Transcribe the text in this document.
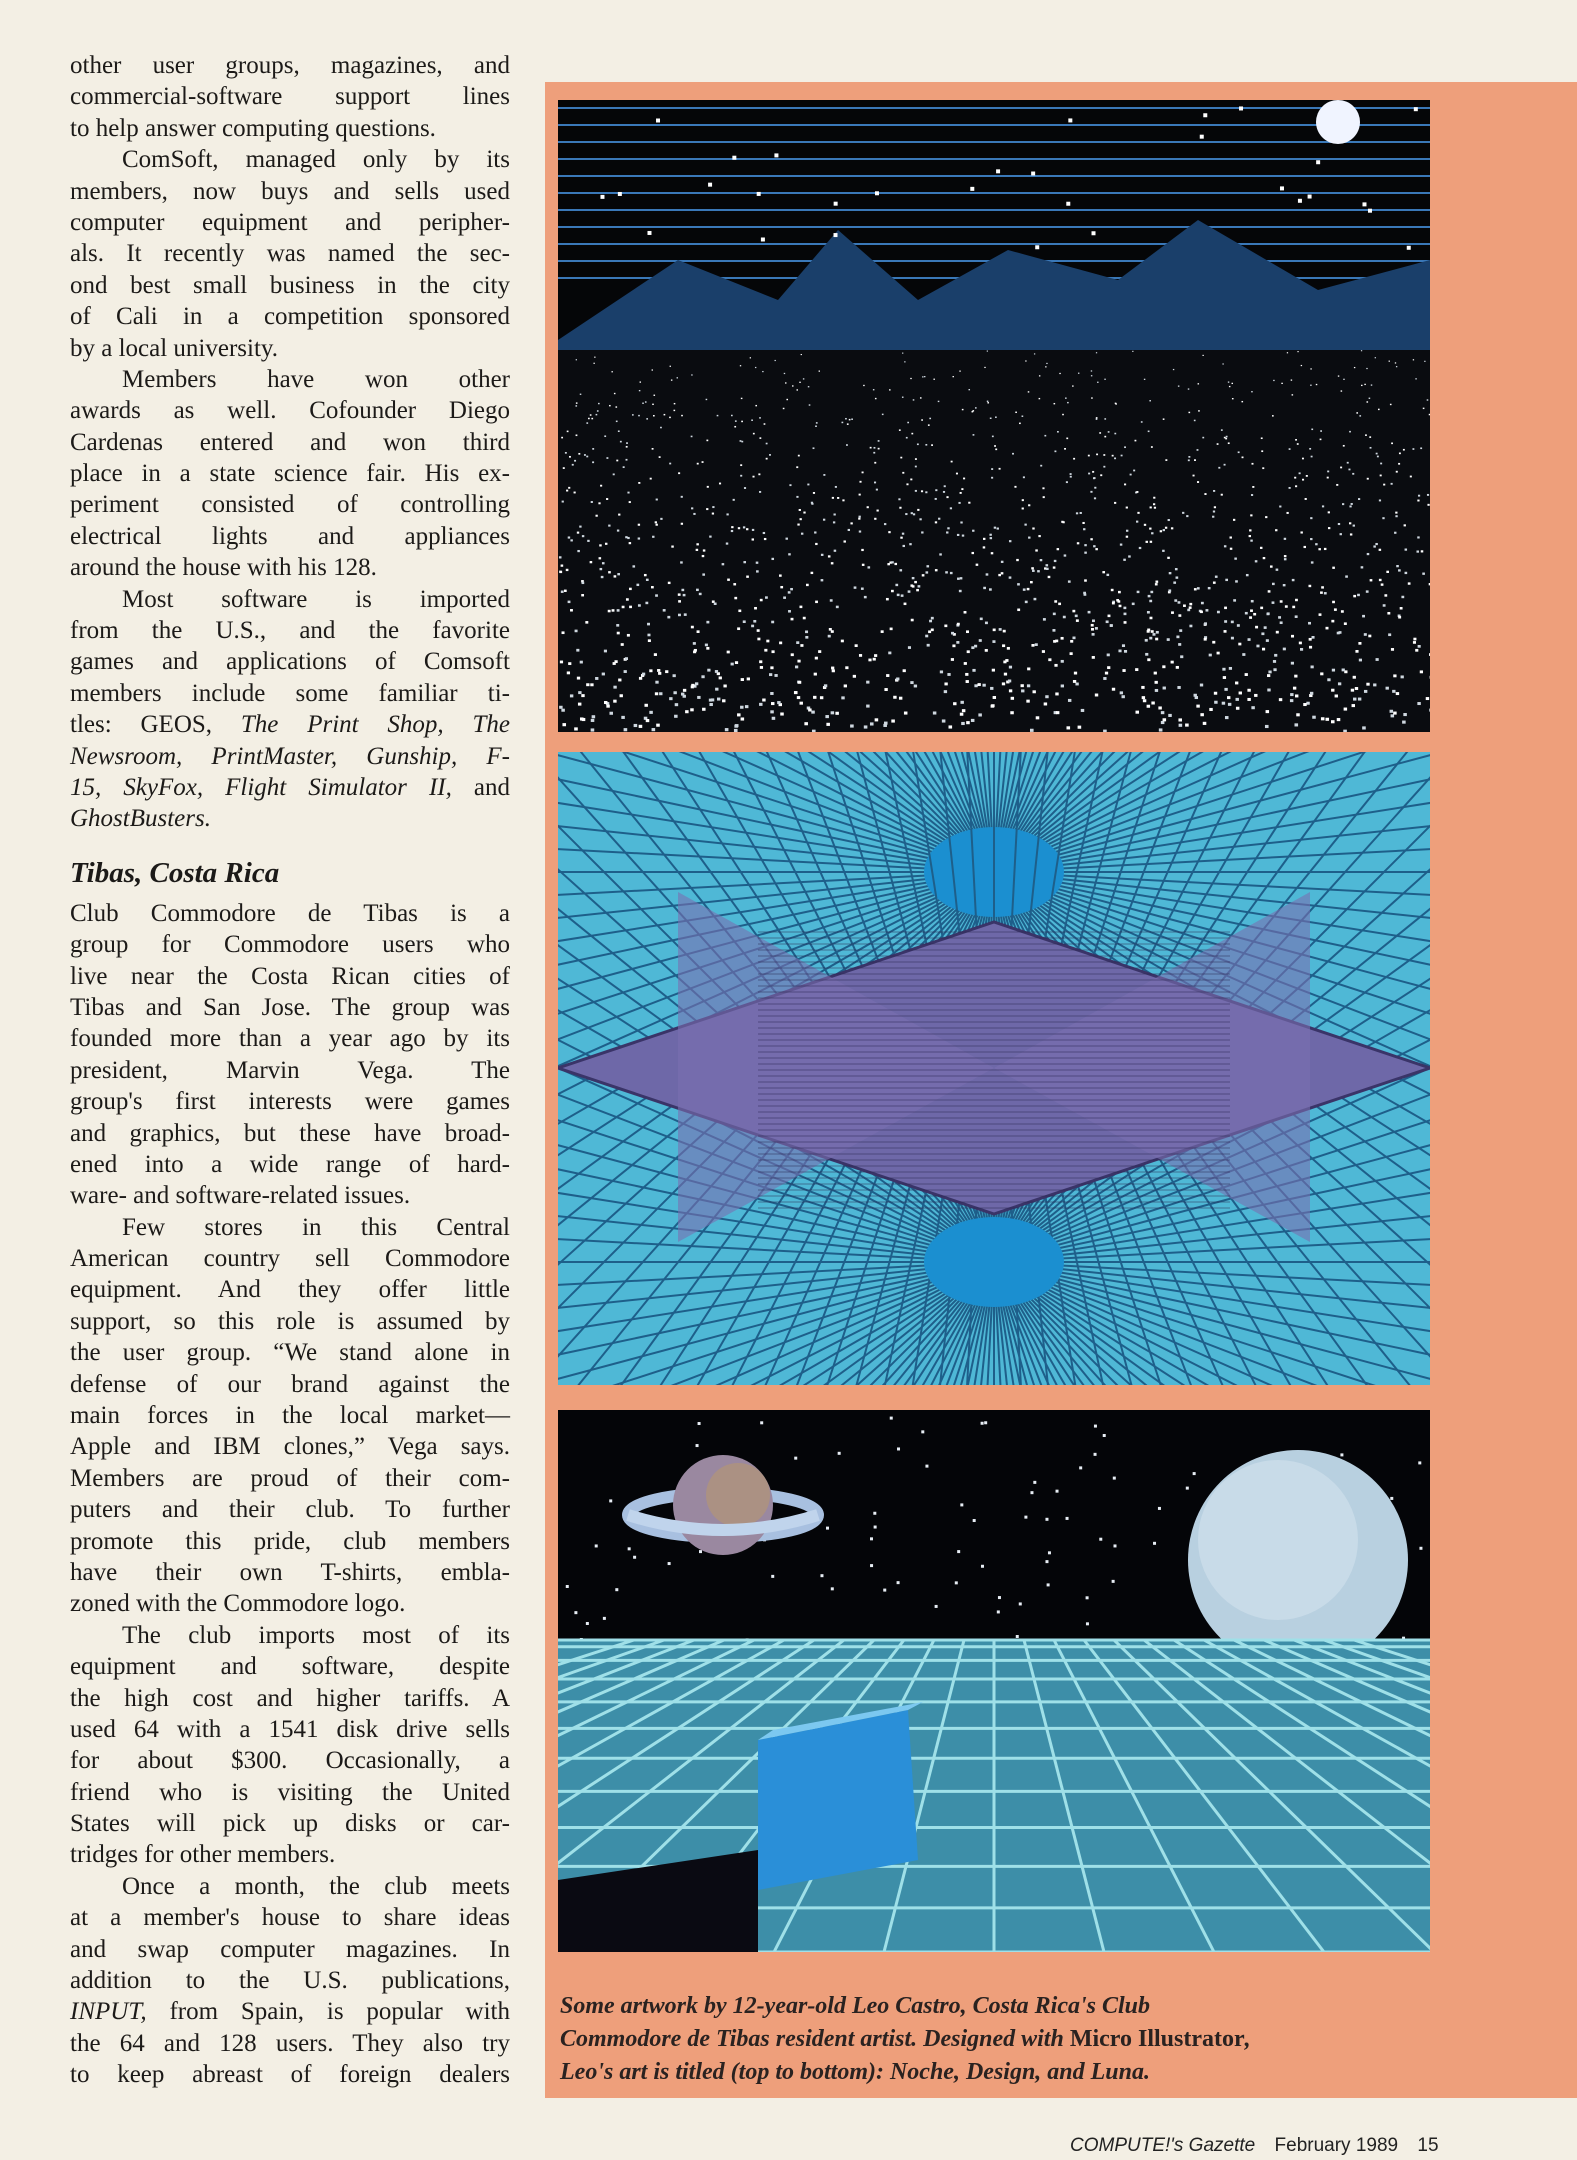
other user groups, magazines, and
commercial-software support lines
to help answer computing questions.
ComSoft, managed only by its
members, now buys and sells used
computer equipment and peripher-
als. It recently was named the sec-
ond best small business in the city
of Cali in a competition sponsored
by a local university.
Members have won other
awards as well. Cofounder Diego
Cardenas entered and won third
place in a state science fair. His ex-
periment consisted of controlling
electrical lights and appliances
around the house with his 128.
Most software is imported
from the U.S., and the favorite
games and applications of Comsoft
members include some familiar ti-
tles: GEOS, The Print Shop, The
Newsroom, PrintMaster, Gunship, F-
15, SkyFox, Flight Simulator II, and
GhostBusters.
Tibas, Costa Rica
Club Commodore de Tibas is a
group for Commodore users who
live near the Costa Rican cities of
Tibas and San Jose. The group was
founded more than a year ago by its
president, Marvin Vega. The
group's first interests were games
and graphics, but these have broad-
ened into a wide range of hard-
ware- and software-related issues.
Few stores in this Central
American country sell Commodore
equipment. And they offer little
support, so this role is assumed by
the user group. “We stand alone in
defense of our brand against the
main forces in the local market—
Apple and IBM clones,” Vega says.
Members are proud of their com-
puters and their club. To further
promote this pride, club members
have their own T-shirts, embla-
zoned with the Commodore logo.
The club imports most of its
equipment and software, despite
the high cost and higher tariffs. A
used 64 with a 1541 disk drive sells
for about $300. Occasionally, a
friend who is visiting the United
States will pick up disks or car-
tridges for other members.
Once a month, the club meets
at a member's house to share ideas
and swap computer magazines. In
addition to the U.S. publications,
INPUT, from Spain, is popular with
the 64 and 128 users. They also try
to keep abreast of foreign dealers
Some artwork by 12-year-old Leo Castro, Costa Rica's Club
Commodore de Tibas resident artist. Designed with Micro Illustrator,
Leo's art is titled (top to bottom): Noche, Design, and Luna.
COMPUTE!'s Gazette February 1989 15
